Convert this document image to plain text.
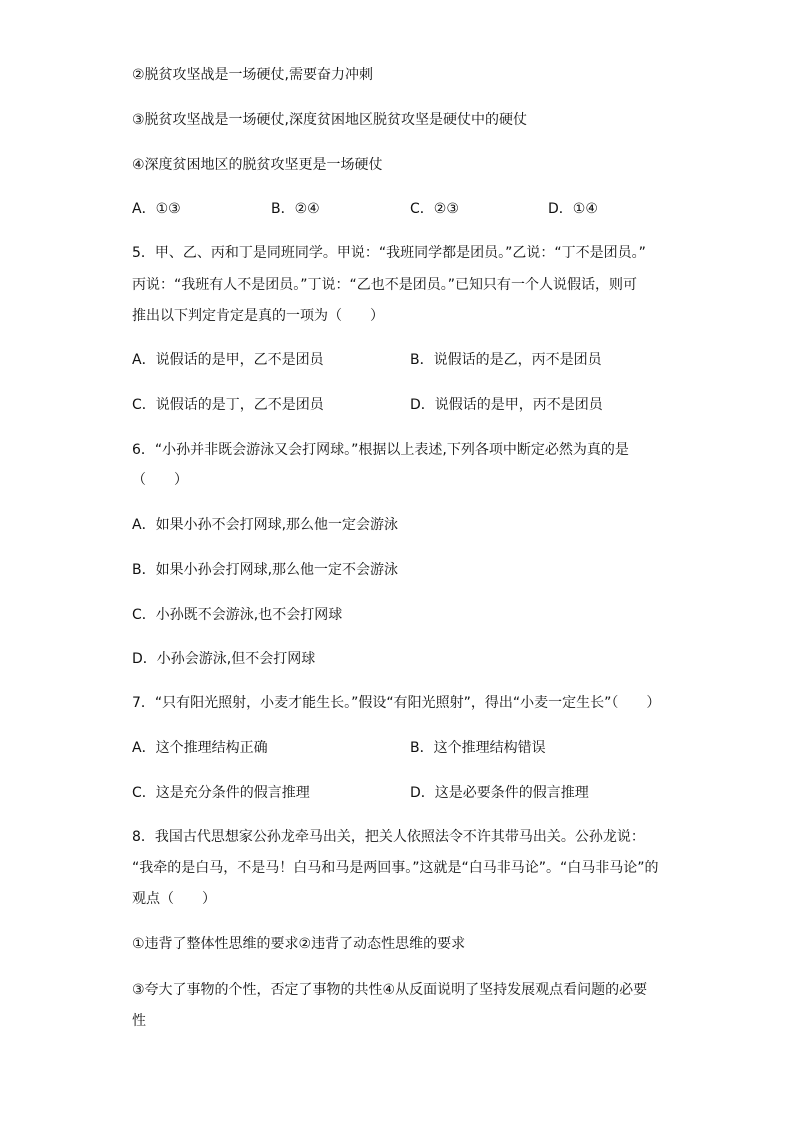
②脱贫攻坚战是一场硬仗,需要奋力冲刺
③脱贫攻坚战是一场硬仗,深度贫困地区脱贫攻坚是硬仗中的硬仗
④深度贫困地区的脱贫攻坚更是一场硬仗
A．①③	B．②④	C．②③	D．①④
5．甲、乙、丙和丁是同班同学。甲说：“我班同学都是团员。”乙说：“丁不是团员。”
丙说：“我班有人不是团员。”丁说：“乙也不是团员。”已知只有一个人说假话，则可
推出以下判定肯定是真的一项为（　　）
A．说假话的是甲，乙不是团员	B．说假话的是乙，丙不是团员
C．说假话的是丁，乙不是团员	D．说假话的是甲，丙不是团员
6．“小孙并非既会游泳又会打网球。”根据以上表述,下列各项中断定必然为真的是
（　　）
A．如果小孙不会打网球,那么他一定会游泳
B．如果小孙会打网球,那么他一定不会游泳
C．小孙既不会游泳,也不会打网球
D．小孙会游泳,但不会打网球
7．“只有阳光照射，小麦才能生长。”假设“有阳光照射”，得出“小麦一定生长”（　　）
A．这个推理结构正确	B．这个推理结构错误
C．这是充分条件的假言推理	D．这是必要条件的假言推理
8．我国古代思想家公孙龙牵马出关，把关人依照法令不许其带马出关。公孙龙说：
“我牵的是白马，不是马！白马和马是两回事。”这就是“白马非马论”。“白马非马论”的
观点（　　）
①违背了整体性思维的要求②违背了动态性思维的要求
③夸大了事物的个性，否定了事物的共性④从反面说明了坚持发展观点看问题的必要
性
